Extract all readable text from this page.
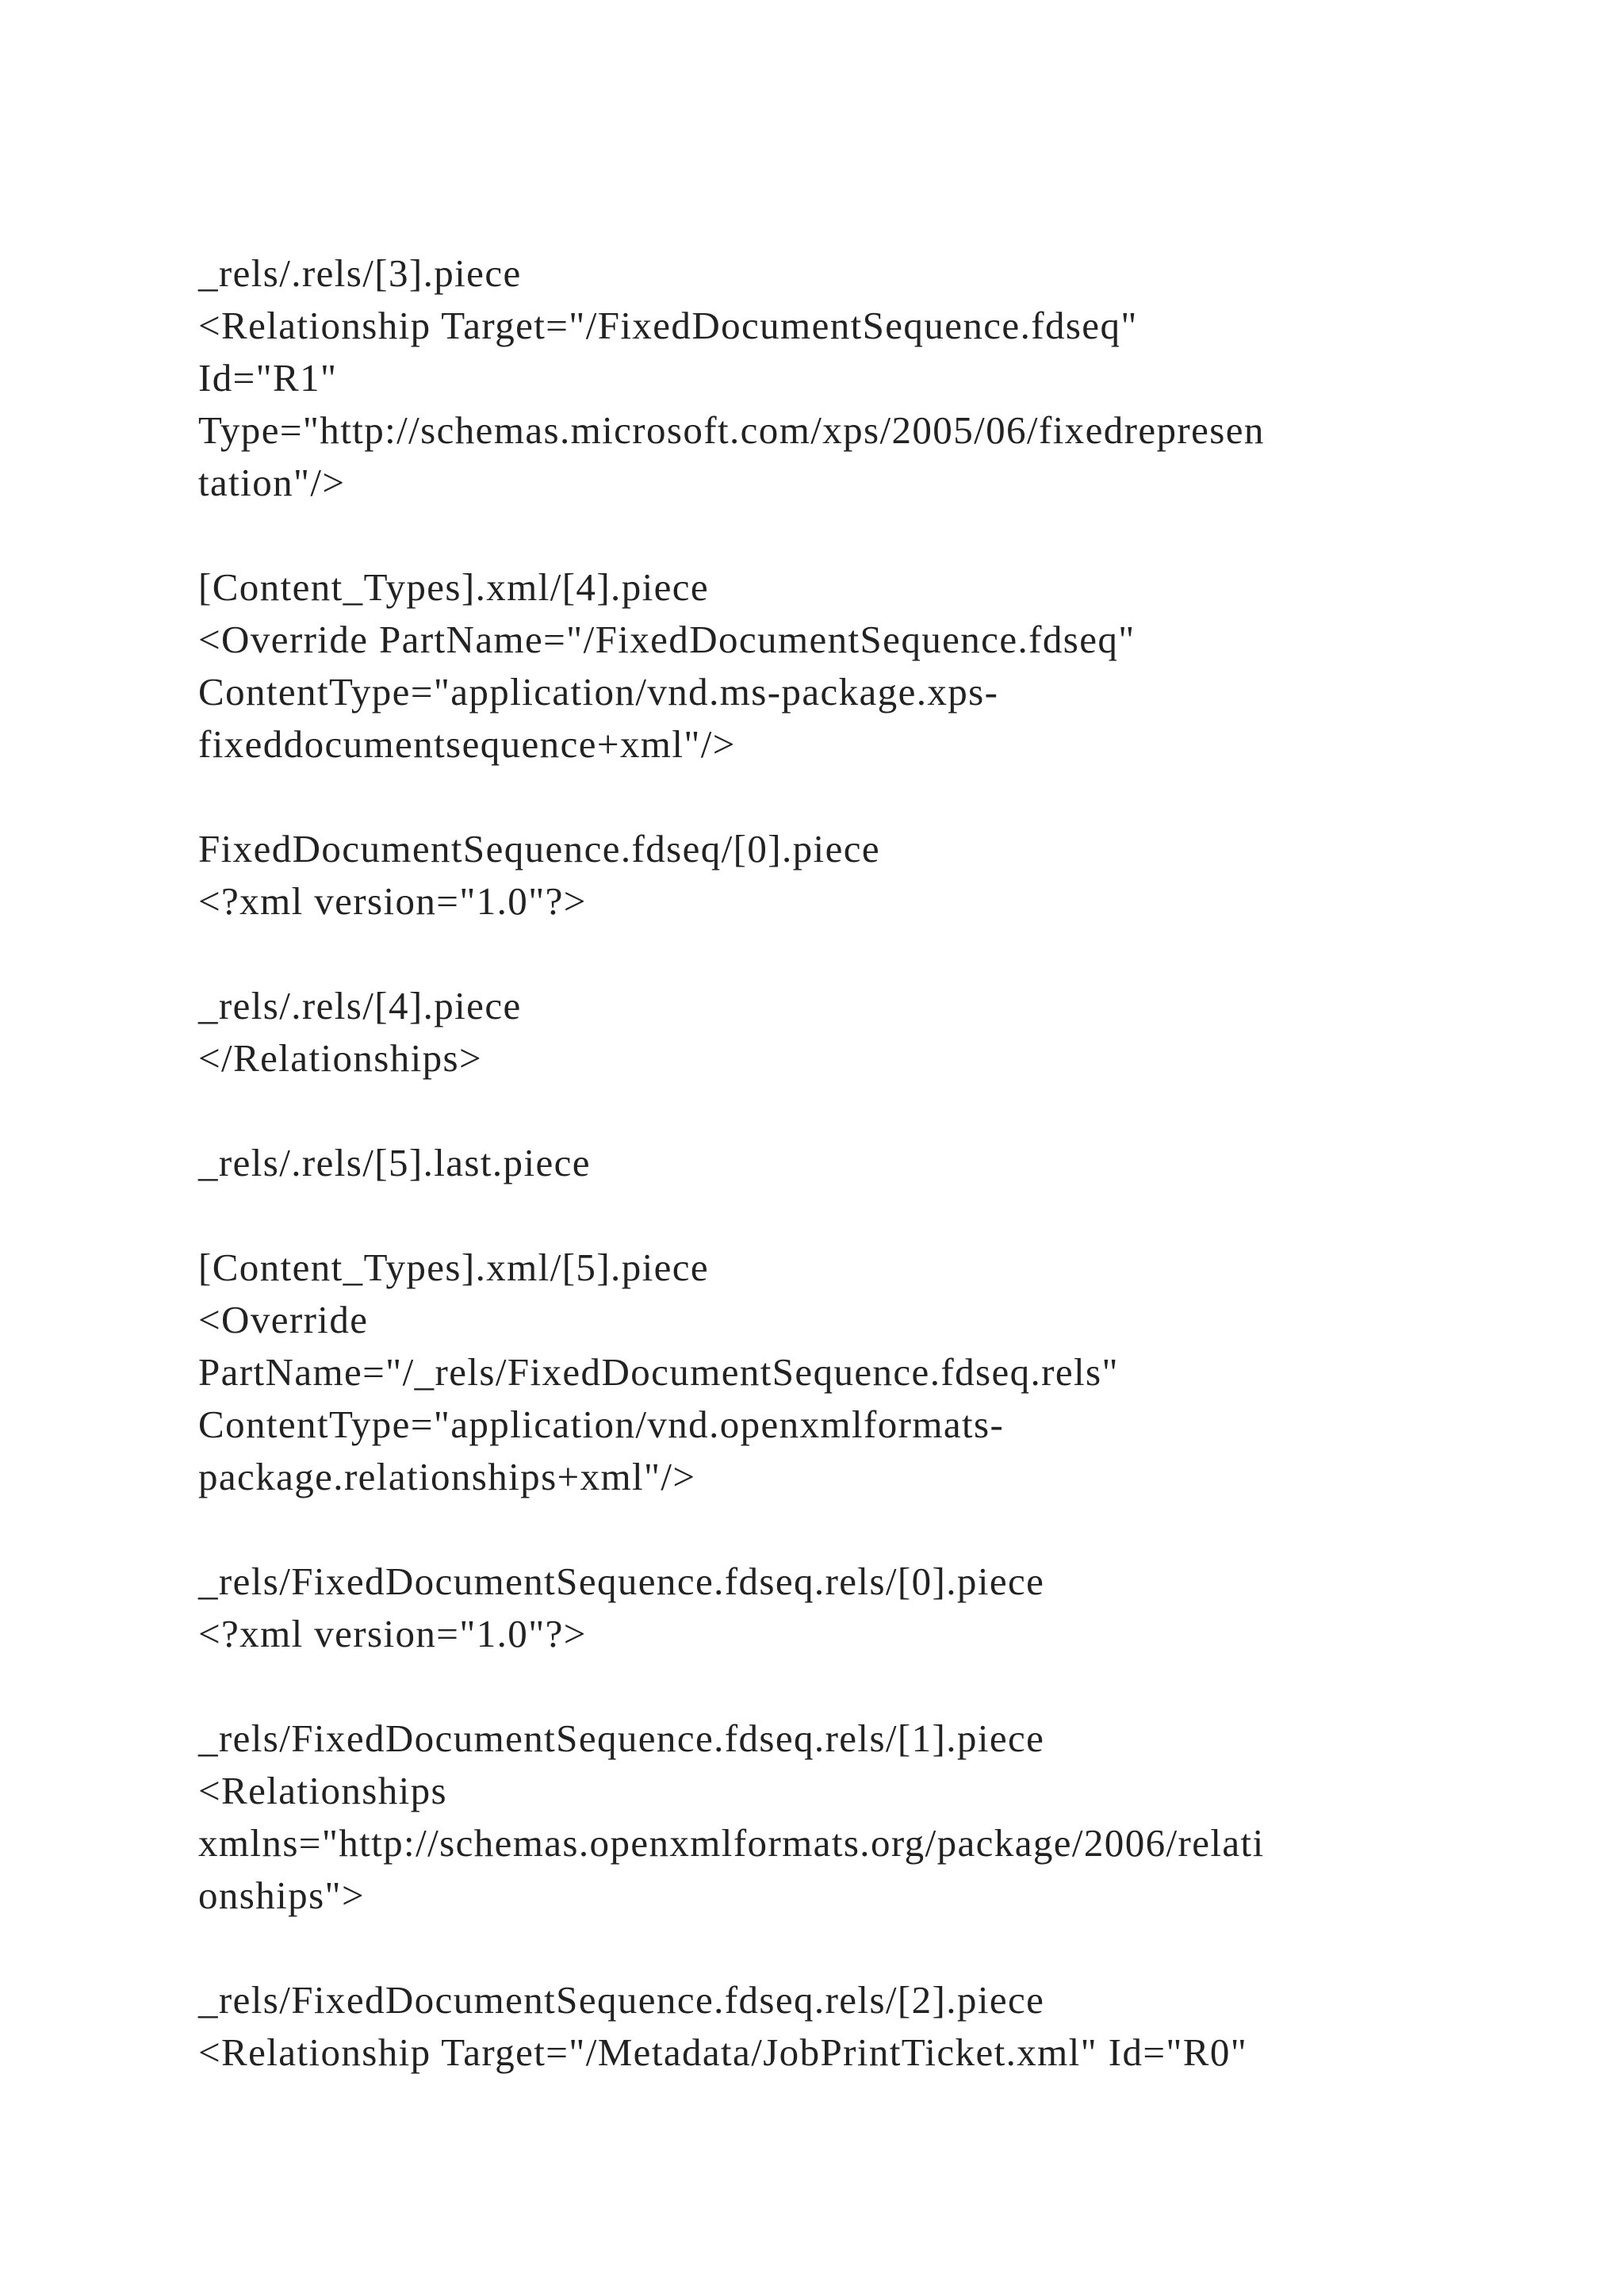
_rels/.rels/[3].piece
<Relationship Target="/FixedDocumentSequence.fdseq"
Id="R1"
Type="http://schemas.microsoft.com/xps/2005/06/fixedrepresen
tation"/>
[Content_Types].xml/[4].piece
<Override PartName="/FixedDocumentSequence.fdseq"
ContentType="application/vnd.ms-package.xps-
fixeddocumentsequence+xml"/>
FixedDocumentSequence.fdseq/[0].piece
<?xml version="1.0"?>
_rels/.rels/[4].piece
</Relationships>
_rels/.rels/[5].last.piece
[Content_Types].xml/[5].piece
<Override
PartName="/_rels/FixedDocumentSequence.fdseq.rels"
ContentType="application/vnd.openxmlformats-
package.relationships+xml"/>
_rels/FixedDocumentSequence.fdseq.rels/[0].piece
<?xml version="1.0"?>
_rels/FixedDocumentSequence.fdseq.rels/[1].piece
<Relationships
xmlns="http://schemas.openxmlformats.org/package/2006/relati
onships">
_rels/FixedDocumentSequence.fdseq.rels/[2].piece
<Relationship Target="/Metadata/JobPrintTicket.xml" Id="R0"
